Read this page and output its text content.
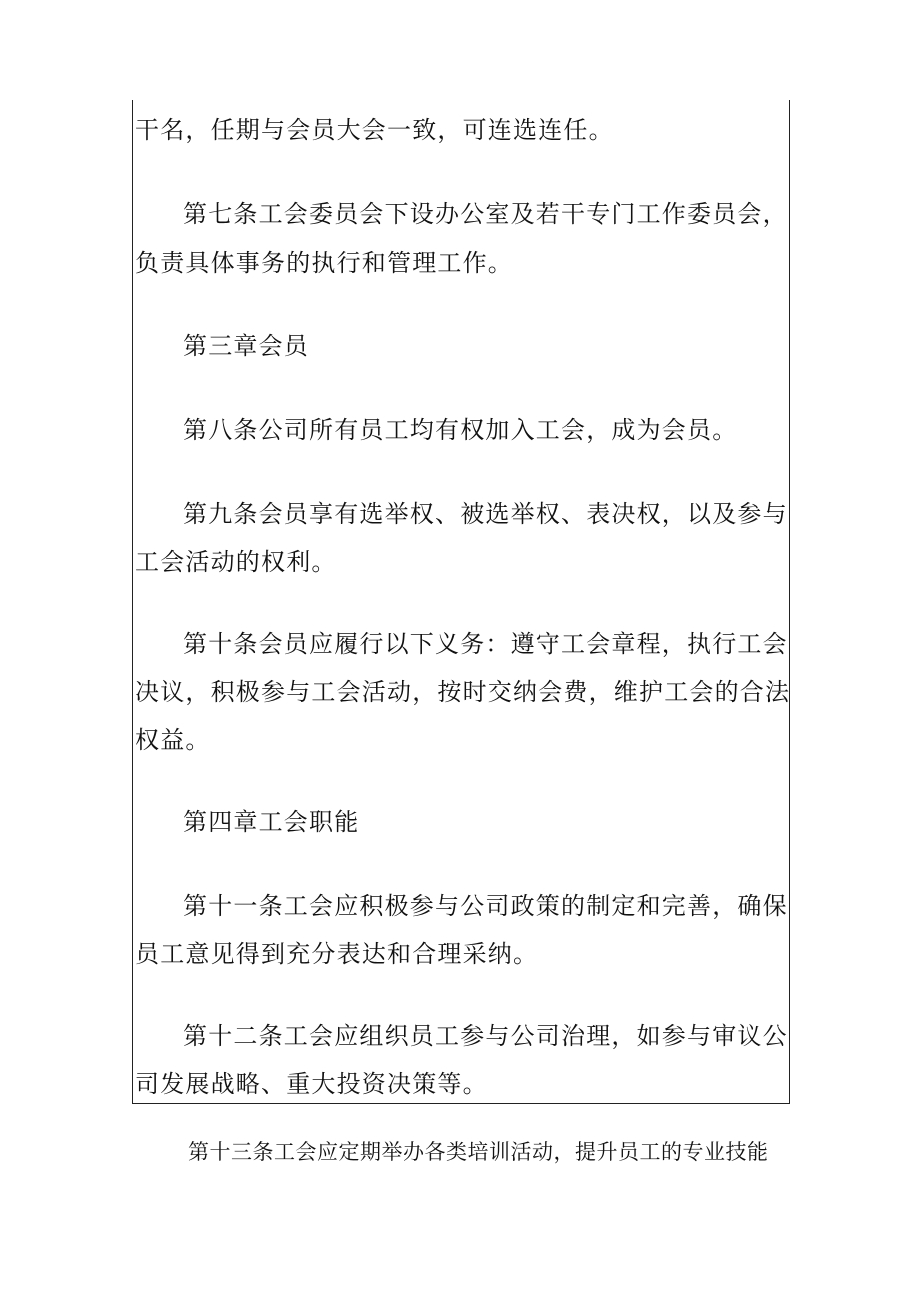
干名，任期与会员大会一致，可连选连任。

第七条工会委员会下设办公室及若干专门工作委员会，

负责具体事务的执行和管理工作。

第三章会员

第八条公司所有员工均有权加入工会，成为会员。

第九条会员享有选举权、被选举权、表决权，以及参与

工会活动的权利。

第十条会员应履行以下义务：遵守工会章程，执行工会

决议，积极参与工会活动，按时交纳会费，维护工会的合法

权益。

第四章工会职能

第十一条工会应积极参与公司政策的制定和完善，确保

员工意见得到充分表达和合理采纳。

第十二条工会应组织员工参与公司治理，如参与审议公

司发展战略、重大投资决策等。

第十三条工会应定期举办各类培训活动，提升员工的专业技能
